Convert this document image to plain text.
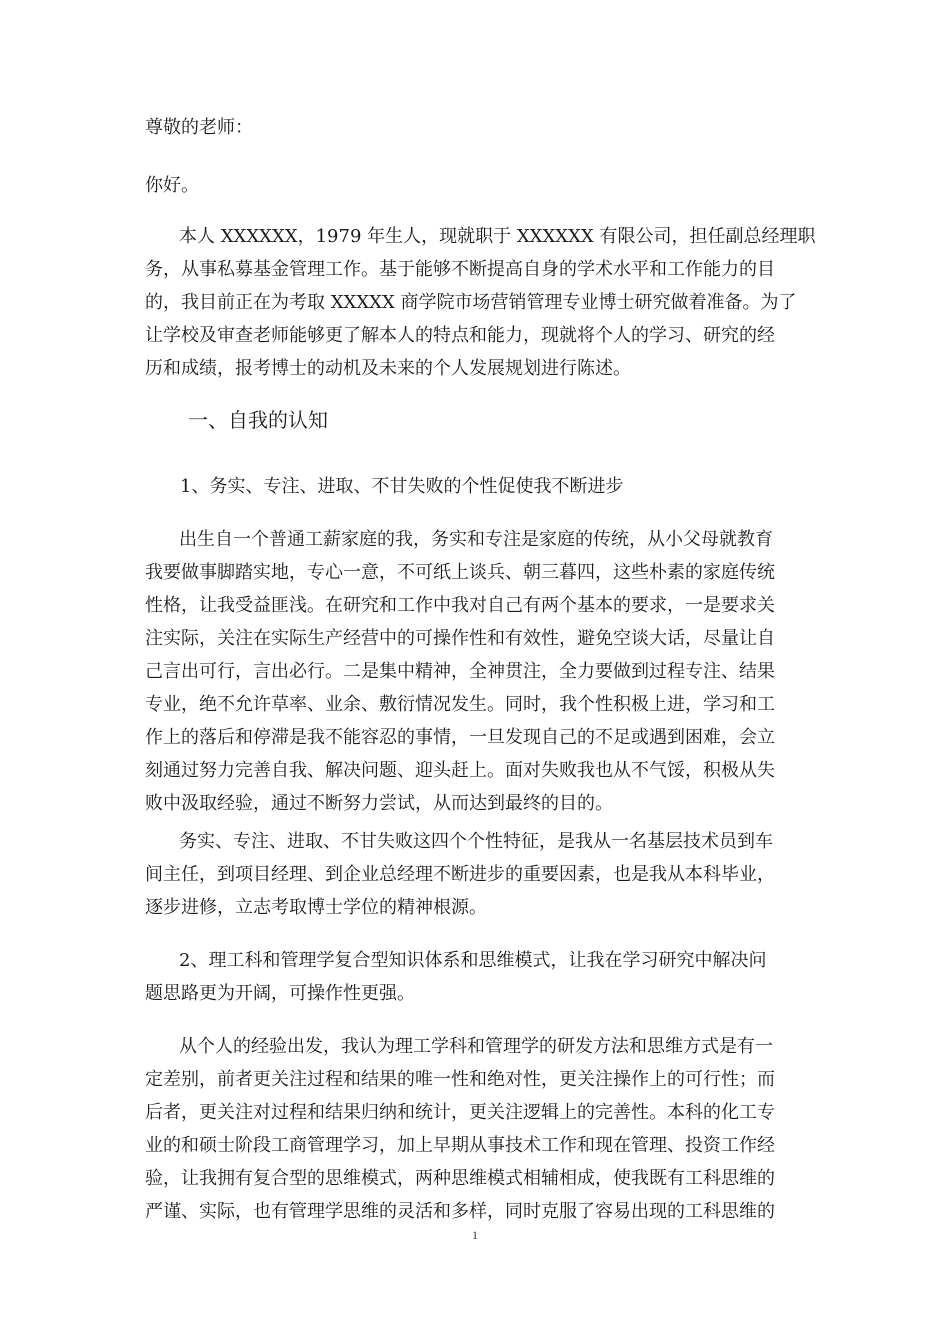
尊敬的老师：
你好。
本人 XXXXXX，1979 年生人，现就职于 XXXXXX 有限公司，担任副总经理职
务，从事私募基金管理工作。基于能够不断提高自身的学术水平和工作能力的目
的，我目前正在为考取 XXXXX 商学院市场营销管理专业博士研究做着准备。为了
让学校及审查老师能够更了解本人的特点和能力，现就将个人的学习、研究的经
历和成绩，报考博士的动机及未来的个人发展规划进行陈述。
一、自我的认知
1、务实、专注、进取、不甘失败的个性促使我不断进步
出生自一个普通工薪家庭的我，务实和专注是家庭的传统，从小父母就教育
我要做事脚踏实地，专心一意，不可纸上谈兵、朝三暮四，这些朴素的家庭传统
性格，让我受益匪浅。在研究和工作中我对自己有两个基本的要求，一是要求关
注实际，关注在实际生产经营中的可操作性和有效性，避免空谈大话，尽量让自
己言出可行，言出必行。二是集中精神，全神贯注，全力要做到过程专注、结果
专业，绝不允许草率、业余、敷衍情况发生。同时，我个性积极上进，学习和工
作上的落后和停滞是我不能容忍的事情，一旦发现自己的不足或遇到困难，会立
刻通过努力完善自我、解决问题、迎头赶上。面对失败我也从不气馁，积极从失
败中汲取经验，通过不断努力尝试，从而达到最终的目的。
务实、专注、进取、不甘失败这四个个性特征，是我从一名基层技术员到车
间主任，到项目经理、到企业总经理不断进步的重要因素，也是我从本科毕业，
逐步进修，立志考取博士学位的精神根源。
2、理工科和管理学复合型知识体系和思维模式，让我在学习研究中解决问
题思路更为开阔，可操作性更强。
从个人的经验出发，我认为理工学科和管理学的研发方法和思维方式是有一
定差别，前者更关注过程和结果的唯一性和绝对性，更关注操作上的可行性；而
后者，更关注对过程和结果归纳和统计，更关注逻辑上的完善性。本科的化工专
业的和硕士阶段工商管理学习，加上早期从事技术工作和现在管理、投资工作经
验，让我拥有复合型的思维模式，两种思维模式相辅相成，使我既有工科思维的
严谨、实际，也有管理学思维的灵活和多样，同时克服了容易出现的工科思维的
1
